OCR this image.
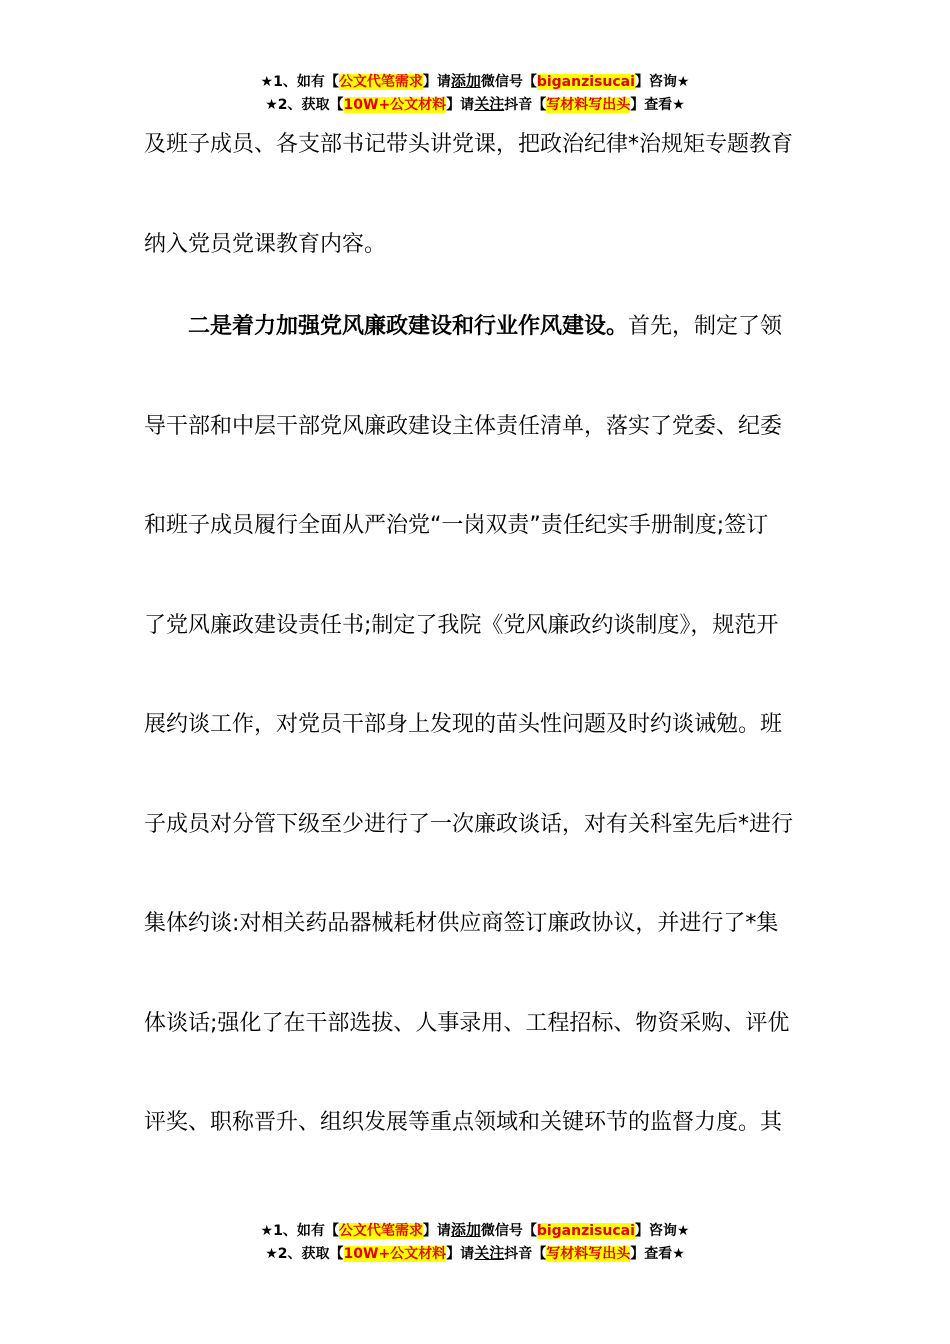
★1、如有【公文代笔需求】请添加微信号【biganzisucai】咨询★
★2、获取【10W+公文材料】请关注抖音【写材料写出头】查看★
及班子成员、各支部书记带头讲党课，把政治纪律*治规矩专题教育
纳入党员党课教育内容。
二是着力加强党风廉政建设和行业作风建设。首先，制定了领
导干部和中层干部党风廉政建设主体责任清单，落实了党委、纪委
和班子成员履行全面从严治党“一岗双责”责任纪实手册制度;签订
了党风廉政建设责任书;制定了我院《党风廉政约谈制度》，规范开
展约谈工作，对党员干部身上发现的苗头性问题及时约谈诫勉。班
子成员对分管下级至少进行了一次廉政谈话，对有关科室先后*进行
集体约谈:对相关药品器械耗材供应商签订廉政协议，并进行了*集
体谈话;强化了在干部选拔、人事录用、工程招标、物资采购、评优
评奖、职称晋升、组织发展等重点领域和关键环节的监督力度。其
★1、如有【公文代笔需求】请添加微信号【biganzisucai】咨询★
★2、获取【10W+公文材料】请关注抖音【写材料写出头】查看★
